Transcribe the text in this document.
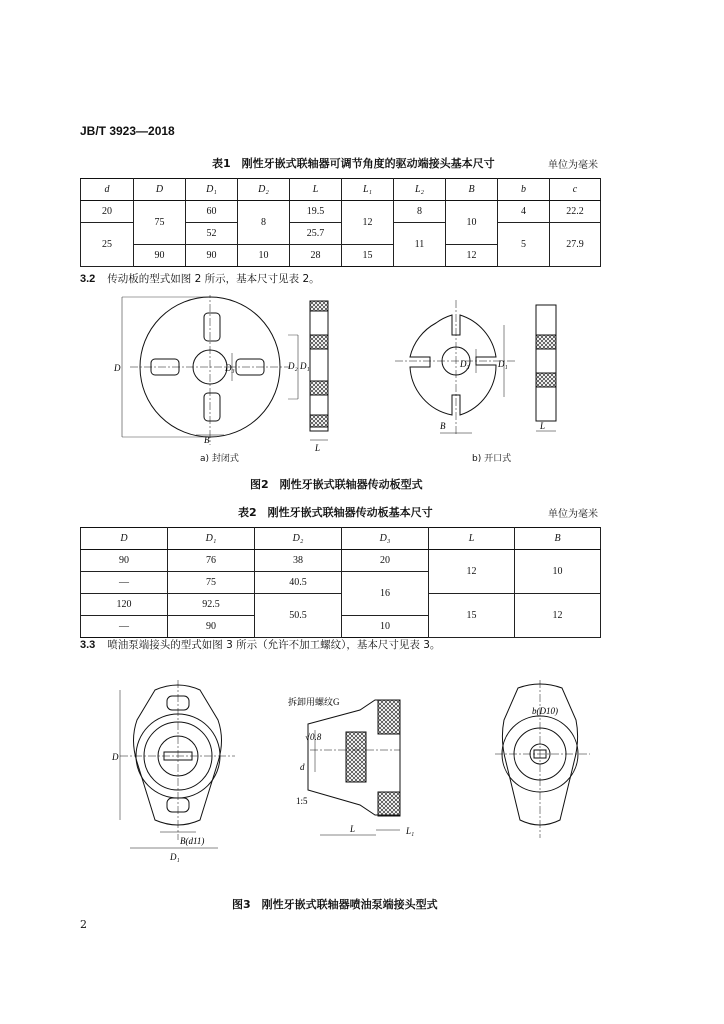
JB/T 3923—2018
表1　刚性牙嵌式联轴器可调节角度的驱动端接头基本尺寸	单位为毫米
d	D	D₁	D₂	L	L₁	L₂	B	b	c
20	75	60	8	19.5	12	8	10	4	22.2
25		52		25.7		11		5	27.9
	90	90	10	28	15		12		
3.2 传动板的型式如图 2 所示，基本尺寸见表 2。
D	D₂ D₁
D₃
B
L
D₃	D₁
B	L
a) 封闭式	b) 开口式
图2　刚性牙嵌式联轴器传动板型式
表2　刚性牙嵌式联轴器传动板基本尺寸	单位为毫米
D	D₁	D₂	D₃	L	B
90	76	38	20	12	10
—	75	40.5	16		
120	92.5	50.5		15	12
—	90		10		
3.3 喷油泵端接头的型式如图 3 所示（允许不加工螺纹），基本尺寸见表 3。
D
B(d11)
D₁
拆卸用螺纹G
d
√0.8
1:5
L	L₁
b(D10)
图3　刚性牙嵌式联轴器喷油泵端接头型式
2
